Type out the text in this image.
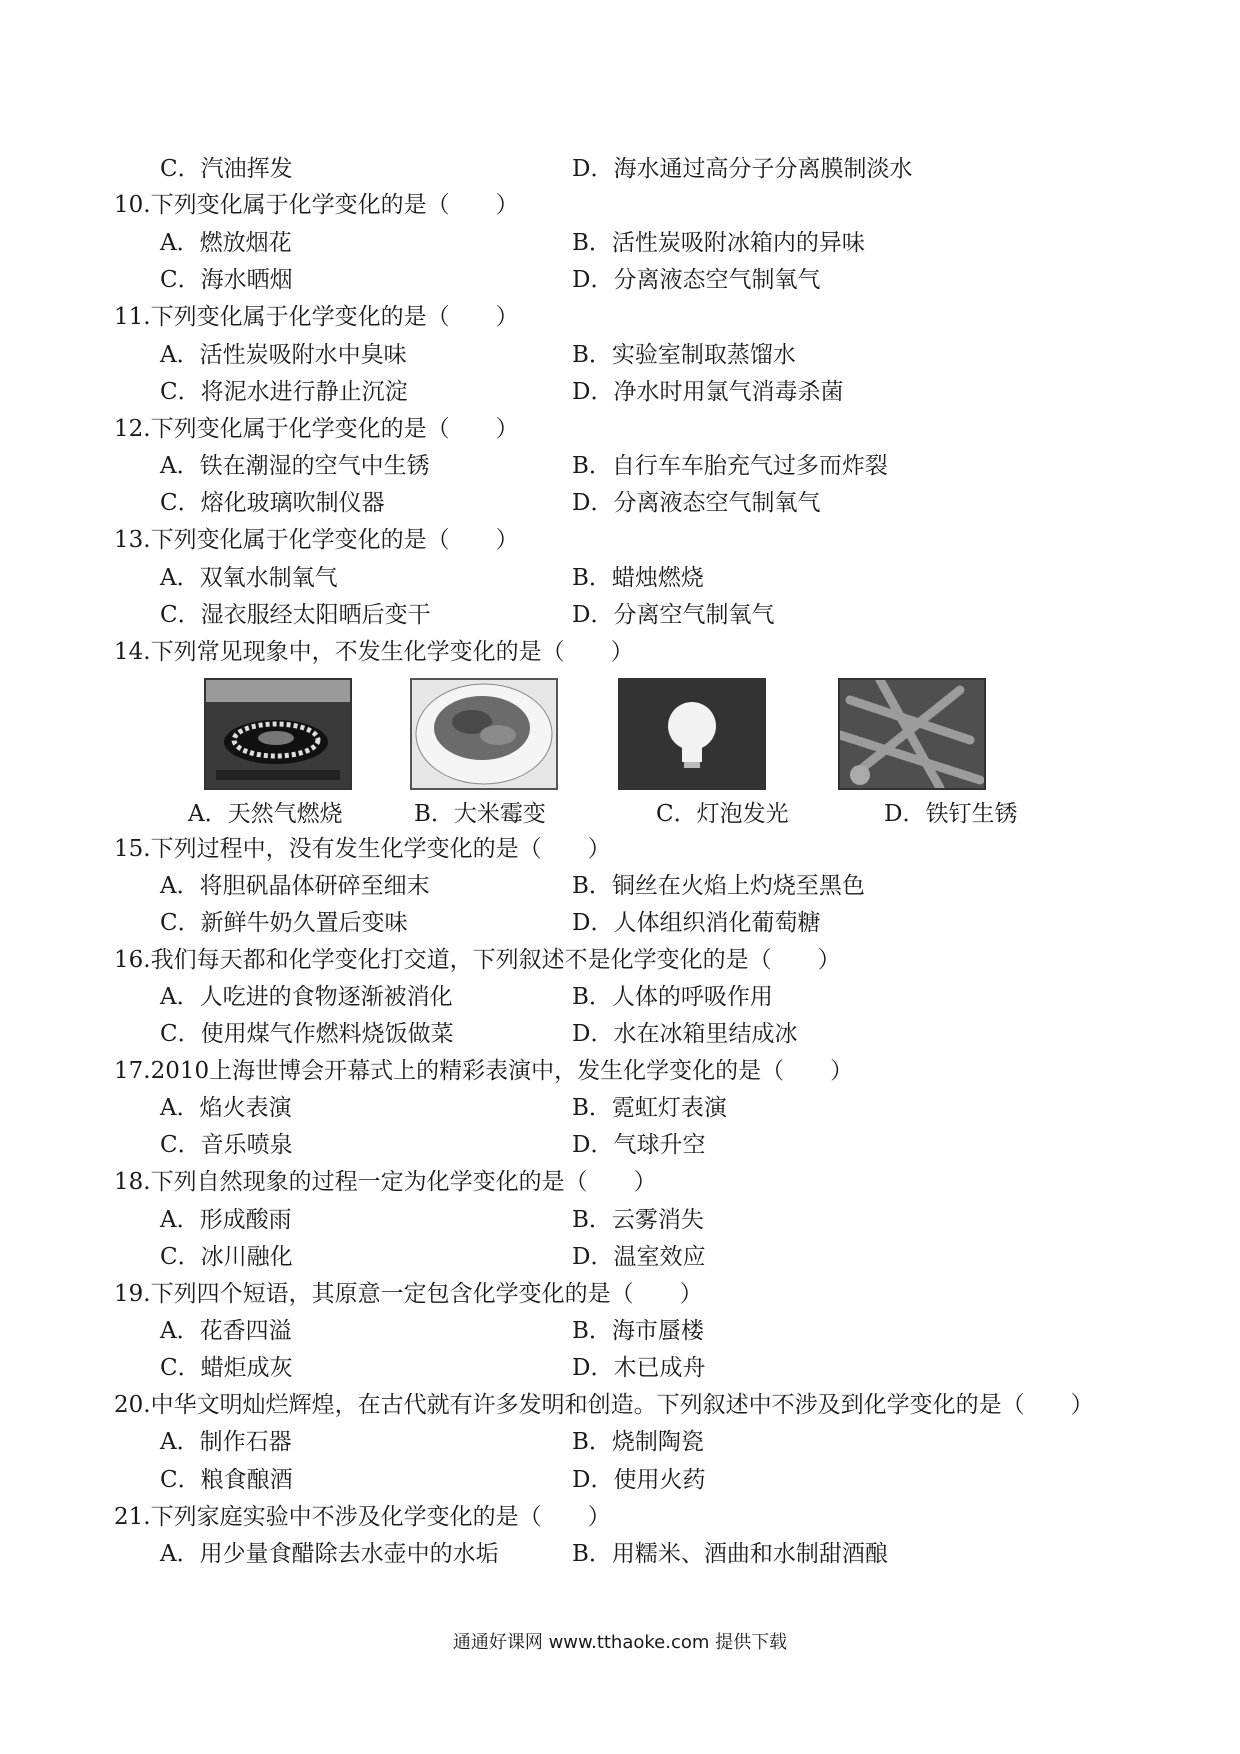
C．汽油挥发	D．海水通过高分子分离膜制淡水
10.下列变化属于化学变化的是（　　）
A．燃放烟花	B．活性炭吸附冰箱内的异味
C．海水晒烟	D．分离液态空气制氧气
11.下列变化属于化学变化的是（　　）
A．活性炭吸附水中臭味	B．实验室制取蒸馏水
C．将泥水进行静止沉淀	D．净水时用氯气消毒杀菌
12.下列变化属于化学变化的是（　　）
A．铁在潮湿的空气中生锈	B．自行车车胎充气过多而炸裂
C．熔化玻璃吹制仪器	D．分离液态空气制氧气
13.下列变化属于化学变化的是（　　）
A．双氧水制氧气	B．蜡烛燃烧
C．湿衣服经太阳晒后变干	D．分离空气制氧气
14.下列常见现象中，不发生化学变化的是（　　）
15.下列过程中，没有发生化学变化的是（　　）
A．将胆矾晶体研碎至细末	B．铜丝在火焰上灼烧至黑色
C．新鲜牛奶久置后变味	D．人体组织消化葡萄糖
16.我们每天都和化学变化打交道，下列叙述不是化学变化的是（　　）
A．人吃进的食物逐渐被消化	B．人体的呼吸作用
C．使用煤气作燃料烧饭做菜	D．水在冰箱里结成冰
17.2010上海世博会开幕式上的精彩表演中，发生化学变化的是（　　）
A．焰火表演	B．霓虹灯表演
C．音乐喷泉	D．气球升空
18.下列自然现象的过程一定为化学变化的是（　　）
A．形成酸雨	B．云雾消失
C．冰川融化	D．温室效应
19.下列四个短语，其原意一定包含化学变化的是（　　）
A．花香四溢	B．海市蜃楼
C．蜡炬成灰	D．木已成舟
20.中华文明灿烂辉煌，在古代就有许多发明和创造。下列叙述中不涉及到化学变化的是（　　）
A．制作石器	B．烧制陶瓷
C．粮食酿酒	D．使用火药
21.下列家庭实验中不涉及化学变化的是（　　）
A．用少量食醋除去水壶中的水垢	B．用糯米、酒曲和水制甜酒酿
A．天然气燃烧	B．大米霉变	C．灯泡发光	D．铁钉生锈
通通好课网 www.tthaoke.com 提供下载
